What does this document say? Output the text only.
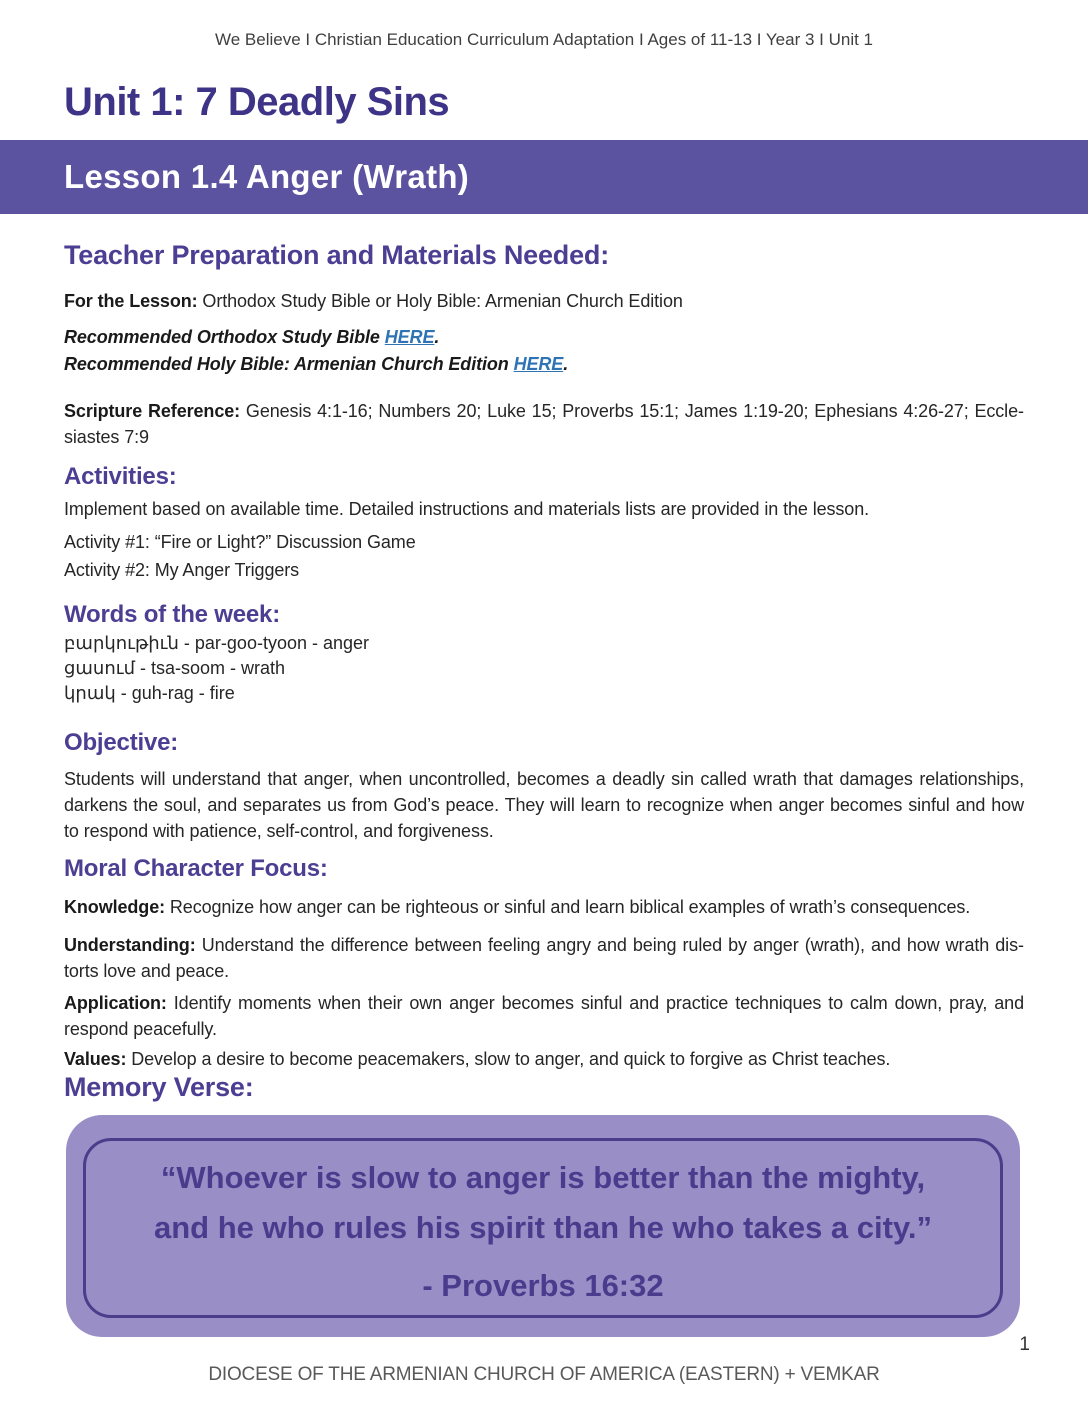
We Believe I Christian Education Curriculum Adaptation I Ages of 11-13 I Year 3 I Unit 1
Unit 1: 7 Deadly Sins
Lesson 1.4 Anger (Wrath)
Teacher Preparation and Materials Needed:

For the Lesson: Orthodox Study Bible or Holy Bible: Armenian Church Edition

Recommended Orthodox Study Bible HERE.
Recommended Holy Bible: Armenian Church Edition HERE.

Scripture Reference: Genesis 4:1-16; Numbers 20; Luke 15; Proverbs 15:1; James 1:19-20; Ephesians 4:26-27; Ecclesiastes 7:9

Activities:

Implement based on available time. Detailed instructions and materials lists are provided in the lesson.

Activity #1: “Fire or Light?” Discussion Game

Activity #2: My Anger Triggers

Words of the week:
բարկութիւն - par-goo-tyoon - anger
ցասում - tsa-soom - wrath
կրակ - guh-rag - fire
Objective:

Students will understand that anger, when uncontrolled, becomes a deadly sin called wrath that damages relationships, darkens the soul, and separates us from God’s peace. They will learn to recognize when anger becomes sinful and how to respond with patience, self-control, and forgiveness.

Moral Character Focus:

Knowledge: Recognize how anger can be righteous or sinful and learn biblical examples of wrath’s consequences.

Understanding: Understand the difference between feeling angry and being ruled by anger (wrath), and how wrath distorts love and peace.

Application: Identify moments when their own anger becomes sinful and practice techniques to calm down, pray, and respond peacefully.

Values: Develop a desire to become peacemakers, slow to anger, and quick to forgive as Christ teaches.

Memory Verse:

“Whoever is slow to anger is better than the mighty,
and he who rules his spirit than he who takes a city.”

- Proverbs 16:32

1
DIOCESE OF THE ARMENIAN CHURCH OF AMERICA (EASTERN) + VEMKAR
